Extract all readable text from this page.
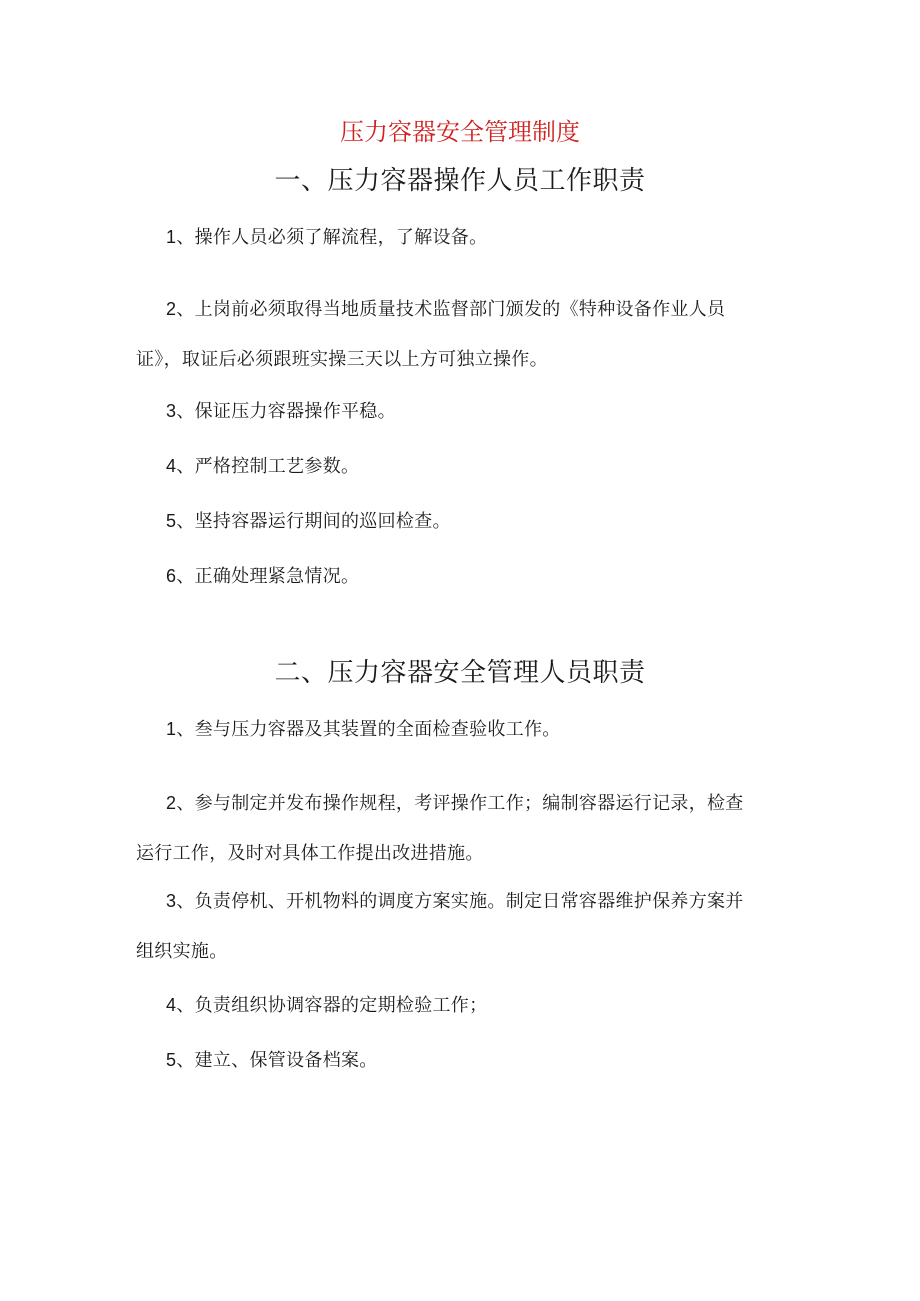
压力容器安全管理制度
一、压力容器操作人员工作职责
1、操作人员必须了解流程，了解设备。
2、上岗前必须取得当地质量技术监督部门颁发的《特种设备作业人员证》，取证后必须跟班实操三天以上方可独立操作。
3、保证压力容器操作平稳。
4、严格控制工艺参数。
5、坚持容器运行期间的巡回检查。
6、正确处理紧急情况。
二、压力容器安全管理人员职责
1、叁与压力容器及其装置的全面检查验收工作。
2、参与制定并发布操作规程，考评操作工作；编制容器运行记录，检查运行工作，及时对具体工作提出改进措施。
3、负责停机、开机物料的调度方案实施。制定日常容器维护保养方案并组织实施。
4、负责组织协调容器的定期检验工作；
5、建立、保管设备档案。
